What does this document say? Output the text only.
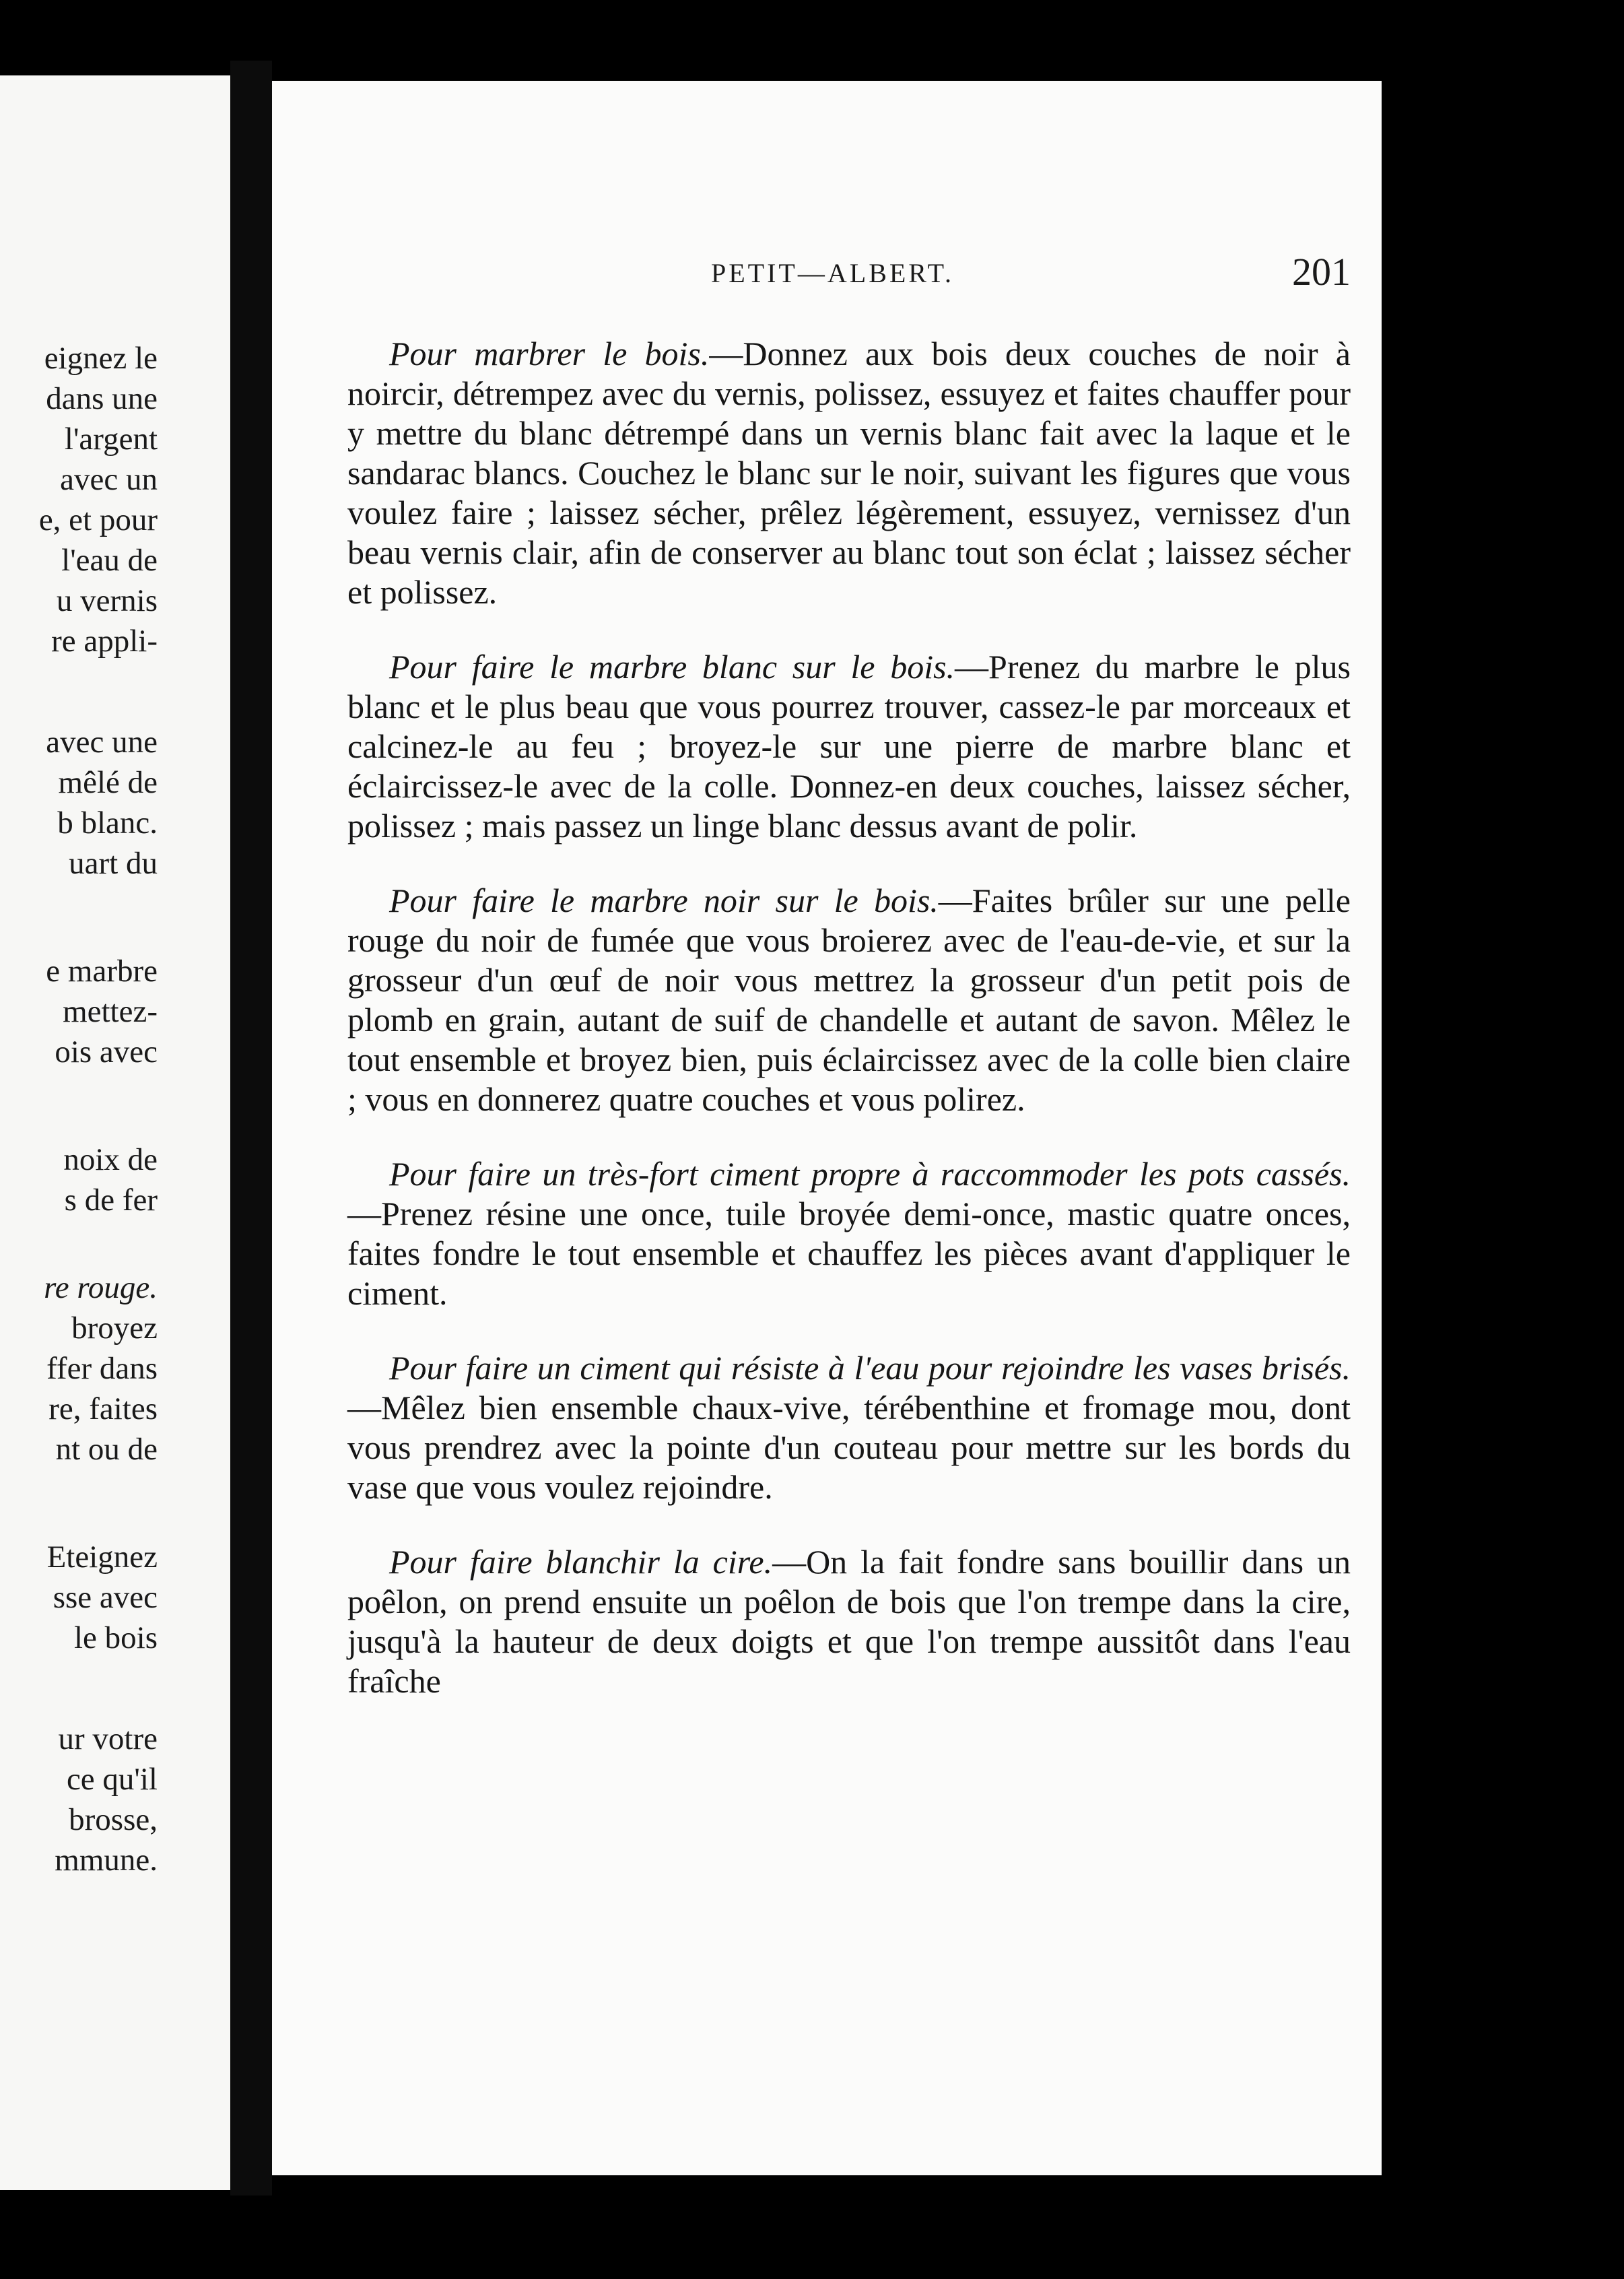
eignez le
dans une
l'argent
avec un
e, et pour
l'eau de
u vernis
re appli-
avec une
mêlé de
b blanc.
uart du
e marbre
mettez-
ois avec
noix de
s de fer
re rouge.
broyez
ffer dans
re, faites
nt ou de
Eteignez
sse avec
le bois
ur votre
ce qu'il
brosse,
mmune.
PETIT—ALBERT.	201

Pour marbrer le bois.—Donnez aux bois deux couches de noir à noircir, détrempez avec du vernis, polissez, essuyez et faites chauffer pour y mettre du blanc détrempé dans un vernis blanc fait avec la laque et le sandarac blancs. Couchez le blanc sur le noir, suivant les figures que vous voulez faire ; laissez sécher, prêlez légèrement, essuyez, vernissez d'un beau vernis clair, afin de conserver au blanc tout son éclat ; laissez sécher et polissez.

Pour faire le marbre blanc sur le bois.—Prenez du marbre le plus blanc et le plus beau que vous pourrez trouver, cassez-le par morceaux et calcinez-le au feu ; broyez-le sur une pierre de marbre blanc et éclaircissez-le avec de la colle. Donnez-en deux couches, laissez sécher, polissez ; mais passez un linge blanc dessus avant de polir.

Pour faire le marbre noir sur le bois.—Faites brûler sur une pelle rouge du noir de fumée que vous broierez avec de l'eau-de-vie, et sur la grosseur d'un œuf de noir vous mettrez la grosseur d'un petit pois de plomb en grain, autant de suif de chandelle et autant de savon. Mêlez le tout ensemble et broyez bien, puis éclaircissez avec de la colle bien claire ; vous en donnerez quatre couches et vous polirez.

Pour faire un très-fort ciment propre à raccommoder les pots cassés.—Prenez résine une once, tuile broyée demi-once, mastic quatre onces, faites fondre le tout ensemble et chauffez les pièces avant d'appliquer le ciment.

Pour faire un ciment qui résiste à l'eau pour rejoindre les vases brisés.—Mêlez bien ensemble chaux-vive, térébenthine et fromage mou, dont vous prendrez avec la pointe d'un couteau pour mettre sur les bords du vase que vous voulez rejoindre.

Pour faire blanchir la cire.—On la fait fondre sans bouillir dans un poêlon, on prend ensuite un poêlon de bois que l'on trempe dans la cire, jusqu'à la hauteur de deux doigts et que l'on trempe aussitôt dans l'eau fraîche
